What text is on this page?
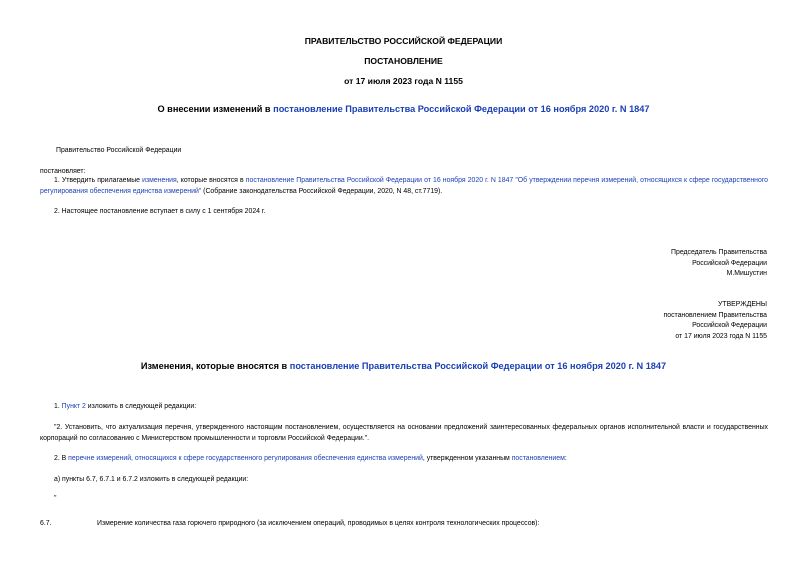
ПРАВИТЕЛЬСТВО РОССИЙСКОЙ ФЕДЕРАЦИИ
ПОСТАНОВЛЕНИЕ
от 17 июля 2023 года N 1155
О внесении изменений в постановление Правительства Российской Федерации от 16 ноября 2020 г. N 1847
Правительство Российской Федерации
постановляет:
1. Утвердить прилагаемые изменения, которые вносятся в постановление Правительства Российской Федерации от 16 ноября 2020 г. N 1847 "Об утверждении перечня измерений, относящихся к сфере государственного регулирования обеспечения единства измерений" (Собрание законодательства Российской Федерации, 2020, N 48, ст.7719).
2. Настоящее постановление вступает в силу с 1 сентября 2024 г.
Председатель Правительства
Российской Федерации
М.Мишустин
УТВЕРЖДЕНЫ
постановлением Правительства
Российской Федерации
от 17 июля 2023 года N 1155
Изменения, которые вносятся в постановление Правительства Российской Федерации от 16 ноября 2020 г. N 1847
1. Пункт 2 изложить в следующей редакции:
"2. Установить, что актуализация перечня, утвержденного настоящим постановлением, осуществляется на основании предложений заинтересованных федеральных органов исполнительной власти и государственных корпораций по согласованию с Министерством промышленности и торговли Российской Федерации.".
2. В перечне измерений, относящихся к сфере государственного регулирования обеспечения единства измерений, утвержденном указанным постановлением:
а) пункты 6.7, 6.7.1 и 6.7.2 изложить в следующей редакции:
"
6.7.	Измерение количества газа горючего природного (за исключением операций, проводимых в целях контроля технологических процессов):
